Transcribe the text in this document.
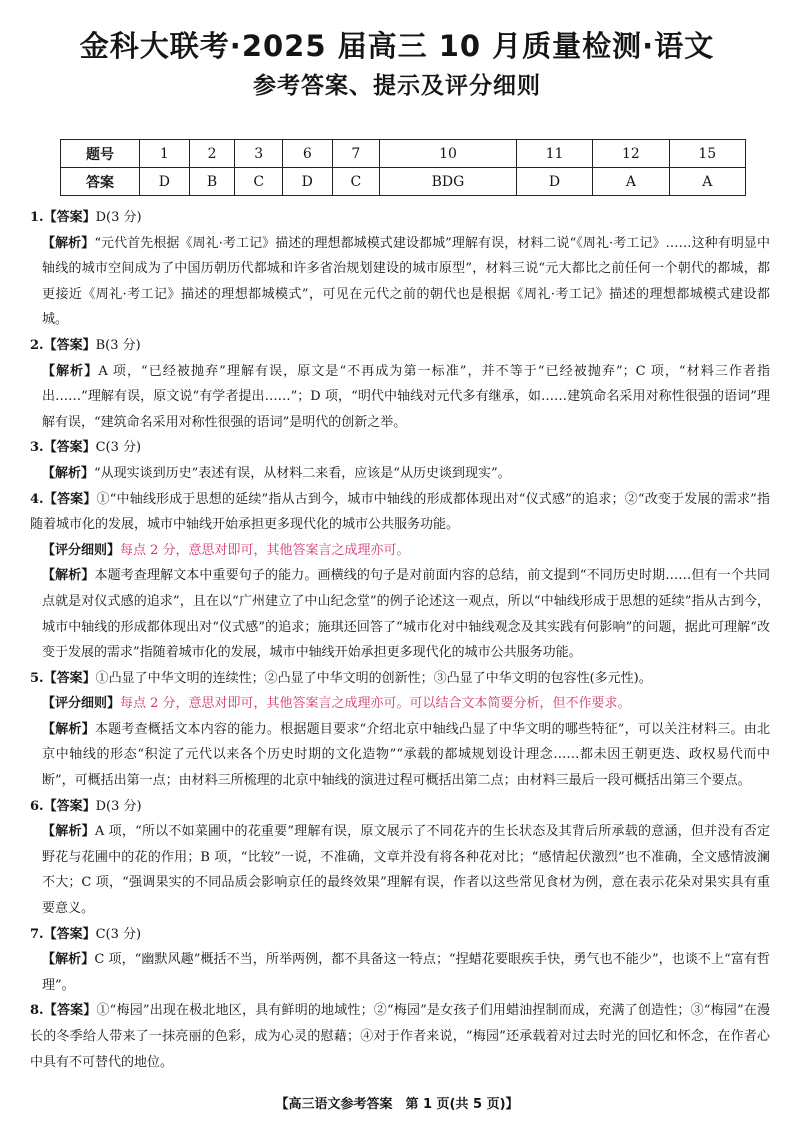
金科大联考·2025 届高三 10 月质量检测·语文
参考答案、提示及评分细则
题号	1	2	3	6	7	10	11	12	15
答案	D	B	C	D	C	BDG	D	A	A

1.【答案】D(3 分)

【解析】“元代首先根据《周礼·考工记》描述的理想都城模式建设都城”理解有误，材料二说“《周礼·考工记》……这种有明显中轴线的城市空间成为了中国历朝历代都城和许多省治规划建设的城市原型”，材料三说“元大都比之前任何一个朝代的都城，都更接近《周礼·考工记》描述的理想都城模式”，可见在元代之前的朝代也是根据《周礼·考工记》描述的理想都城模式建设都城。

2.【答案】B(3 分)

【解析】A 项，“已经被抛弃”理解有误，原文是“不再成为第一标准”，并不等于“已经被抛弃”；C 项，“材料三作者指出……”理解有误，原文说“有学者提出……”；D 项，“明代中轴线对元代多有继承，如……建筑命名采用对称性很强的语词”理解有误，“建筑命名采用对称性很强的语词”是明代的创新之举。

3.【答案】C(3 分)

【解析】“从现实谈到历史”表述有误，从材料二来看，应该是“从历史谈到现实”。

4.【答案】①“中轴线形成于思想的延续”指从古到今，城市中轴线的形成都体现出对“仪式感”的追求；②“改变于发展的需求”指随着城市化的发展，城市中轴线开始承担更多现代化的城市公共服务功能。

【评分细则】每点 2 分，意思对即可，其他答案言之成理亦可。

【解析】本题考查理解文本中重要句子的能力。画横线的句子是对前面内容的总结，前文提到“不同历史时期……但有一个共同点就是对仪式感的追求”，且在以“广州建立了中山纪念堂”的例子论述这一观点，所以“中轴线形成于思想的延续”指从古到今，城市中轴线的形成都体现出对“仪式感”的追求；施琪还回答了“城市化对中轴线观念及其实践有何影响”的问题，据此可理解“改变于发展的需求”指随着城市化的发展，城市中轴线开始承担更多现代化的城市公共服务功能。

5.【答案】①凸显了中华文明的连续性；②凸显了中华文明的创新性；③凸显了中华文明的包容性(多元性)。

【评分细则】每点 2 分，意思对即可，其他答案言之成理亦可。可以结合文本简要分析，但不作要求。

【解析】本题考查概括文本内容的能力。根据题目要求“介绍北京中轴线凸显了中华文明的哪些特征”，可以关注材料三。由北京中轴线的形态“积淀了元代以来各个历史时期的文化造物”“承载的都城规划设计理念……都未因王朝更迭、政权易代而中断”，可概括出第一点；由材料三所梳理的北京中轴线的演进过程可概括出第二点；由材料三最后一段可概括出第三个要点。

6.【答案】D(3 分)

【解析】A 项，“所以不如菜圃中的花重要”理解有误，原文展示了不同花卉的生长状态及其背后所承载的意涵，但并没有否定野花与花圃中的花的作用；B 项，“比较”一说，不准确，文章并没有将各种花对比；“感情起伏激烈”也不准确，全文感情波澜不大；C 项，“强调果实的不同品质会影响京任的最终效果”理解有误，作者以这些常见食材为例，意在表示花朵对果实具有重要意义。

7.【答案】C(3 分)

【解析】C 项，“幽默风趣”概括不当，所举两例，都不具备这一特点；“捏蜡花要眼疾手快，勇气也不能少”，也谈不上“富有哲理”。

8.【答案】①“梅园”出现在极北地区，具有鲜明的地域性；②“梅园”是女孩子们用蜡油捏制而成，充满了创造性；③“梅园”在漫长的冬季给人带来了一抹亮丽的色彩，成为心灵的慰藉；④对于作者来说，“梅园”还承载着对过去时光的回忆和怀念，在作者心中具有不可替代的地位。

【高三语文参考答案　第 1 页(共 5 页)】
